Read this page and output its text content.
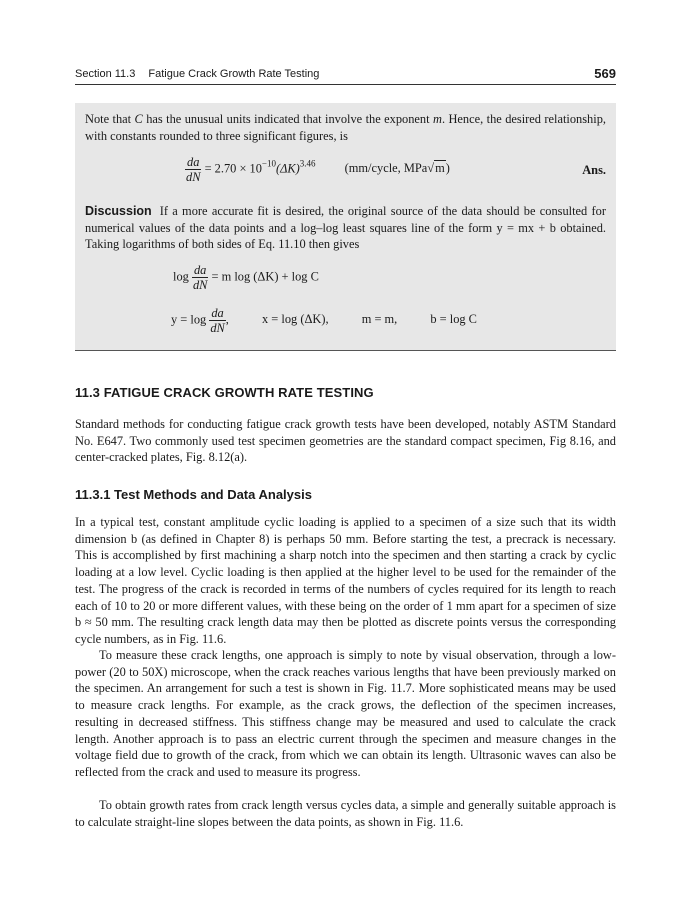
Section 11.3 Fatigue Crack Growth Rate Testing	569
Note that C has the unusual units indicated that involve the exponent m. Hence, the desired relationship, with constants rounded to three significant figures, is
$\frac{da}{dN} = 2.70 \times 10^{-10}(\Delta K)^{3.46}$ (mm/cycle, MPa√m)	Ans.
Discussion If a more accurate fit is desired, the original source of the data should be consulted for numerical values of the data points and a log–log least squares line of the form y = mx + b obtained. Taking logarithms of both sides of Eq. 11.10 then gives
$\log \frac{da}{dN} = m$ log (ΔK) + log C
$y = \log \frac{da}{dN}$ ,	x = log (ΔK),	m = m,	b = log C
11.3 FATIGUE CRACK GROWTH RATE TESTING
Standard methods for conducting fatigue crack growth tests have been developed, notably ASTM Standard No. E647. Two commonly used test specimen geometries are the standard compact specimen, Fig 8.16, and center-cracked plates, Fig. 8.12(a).
11.3.1 Test Methods and Data Analysis
In a typical test, constant amplitude cyclic loading is applied to a specimen of a size such that its width dimension b (as defined in Chapter 8) is perhaps 50 mm. Before starting the test, a precrack is necessary. This is accomplished by first machining a sharp notch into the specimen and then starting a crack by cyclic loading at a low level. Cyclic loading is then applied at the higher level to be used for the remainder of the test. The progress of the crack is recorded in terms of the numbers of cycles required for its length to reach each of 10 to 20 or more different values, with these being on the order of 1 mm apart for a specimen of size b ≈ 50 mm. The resulting crack length data may then be plotted as discrete points versus the corresponding cycle numbers, as in Fig. 11.6.
To measure these crack lengths, one approach is simply to note by visual observation, through a low-power (20 to 50X) microscope, when the crack reaches various lengths that have been previously marked on the specimen. An arrangement for such a test is shown in Fig. 11.7. More sophisticated means may be used to measure crack lengths. For example, as the crack grows, the deflection of the specimen increases, resulting in decreased stiffness. This stiffness change may be measured and used to calculate the crack length. Another approach is to pass an electric current through the specimen and measure changes in the voltage field due to growth of the crack, from which we can obtain its length. Ultrasonic waves can also be reflected from the crack and used to measure its progress.
To obtain growth rates from crack length versus cycles data, a simple and generally suitable approach is to calculate straight-line slopes between the data points, as shown in Fig. 11.6.
